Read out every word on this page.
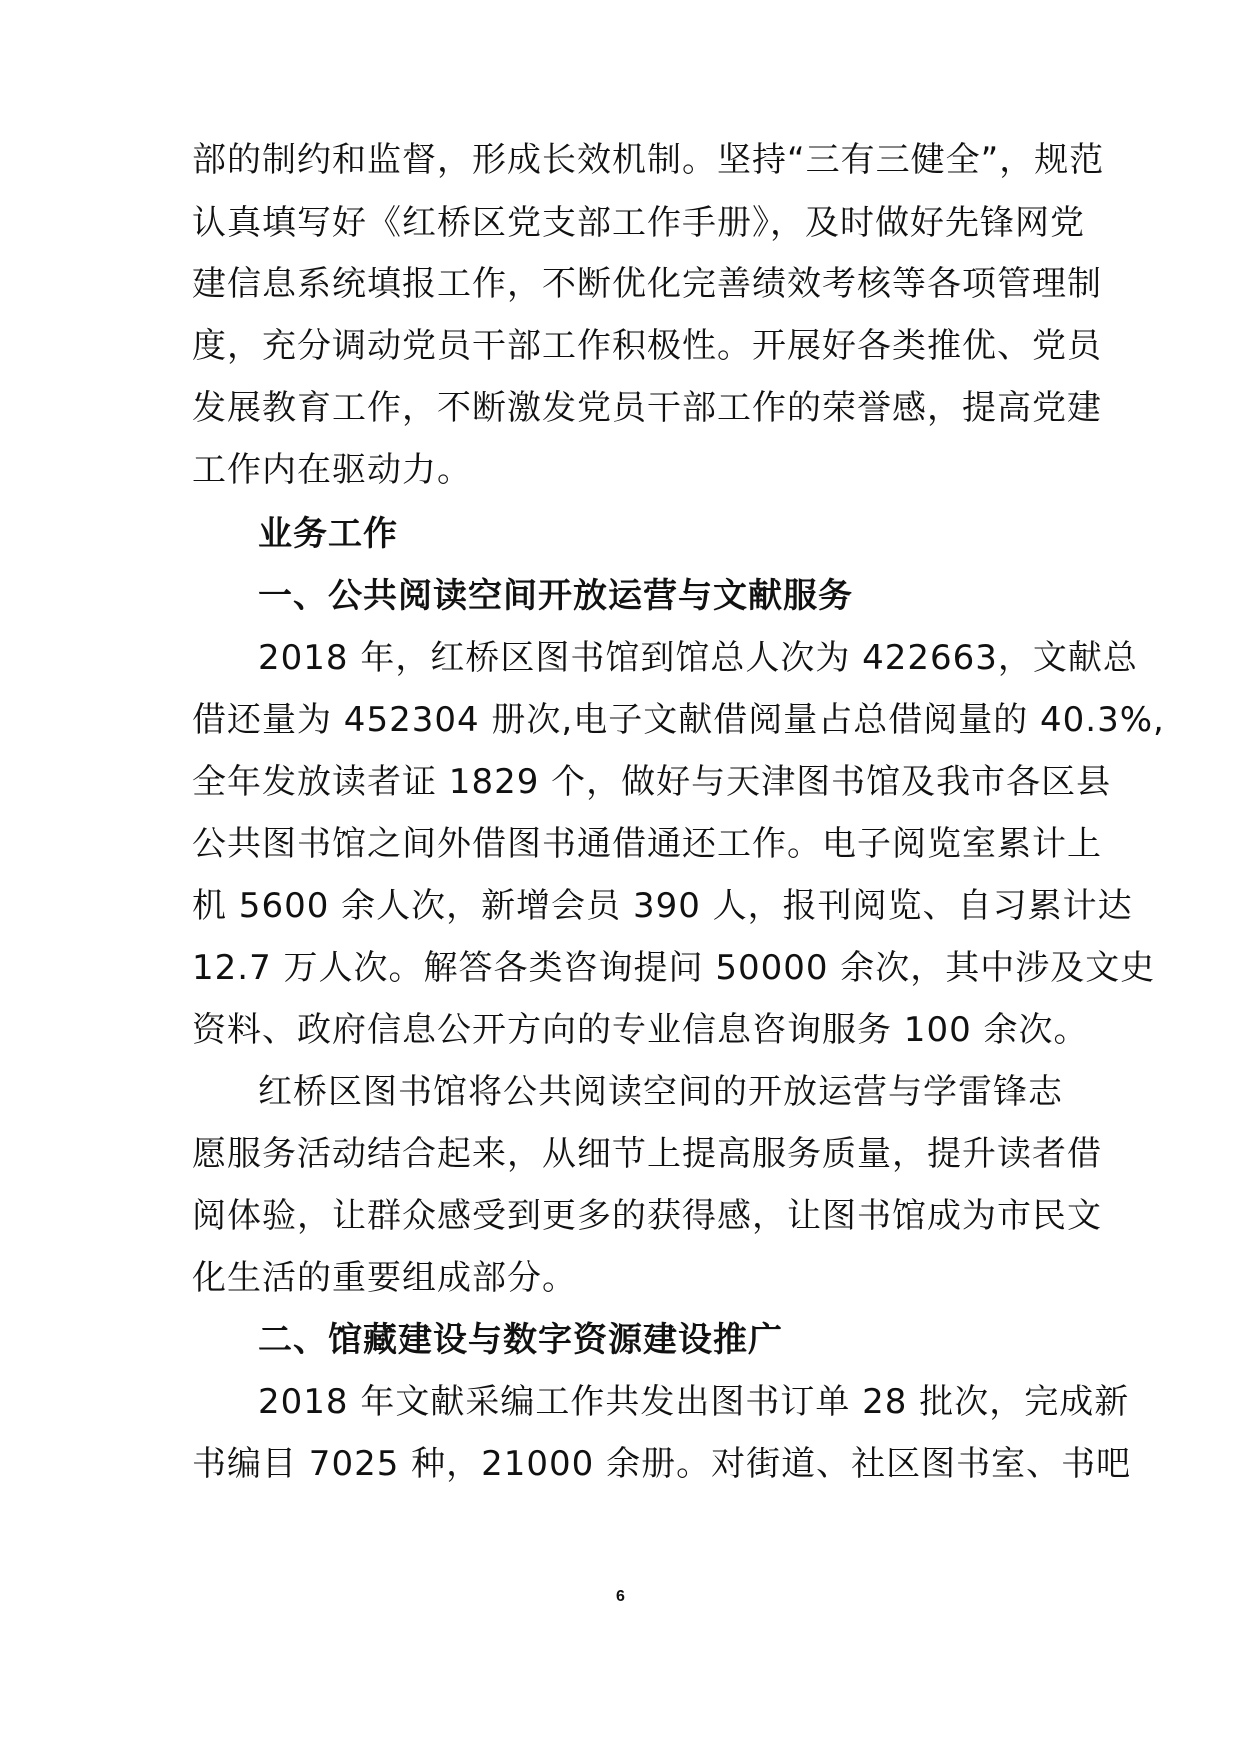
部的制约和监督，形成长效机制。坚持“三有三健全”，规范
认真填写好《红桥区党支部工作手册》，及时做好先锋网党
建信息系统填报工作，不断优化完善绩效考核等各项管理制
度，充分调动党员干部工作积极性。开展好各类推优、党员
发展教育工作，不断激发党员干部工作的荣誉感，提高党建
工作内在驱动力。
业务工作
一、公共阅读空间开放运营与文献服务
2018 年，红桥区图书馆到馆总人次为 422663，文献总
借还量为 452304 册次,电子文献借阅量占总借阅量的 40.3%,
全年发放读者证 1829 个，做好与天津图书馆及我市各区县
公共图书馆之间外借图书通借通还工作。电子阅览室累计上
机 5600 余人次，新增会员 390 人，报刊阅览、自习累计达
12.7 万人次。解答各类咨询提问 50000 余次，其中涉及文史
资料、政府信息公开方向的专业信息咨询服务 100 余次。
红桥区图书馆将公共阅读空间的开放运营与学雷锋志
愿服务活动结合起来，从细节上提高服务质量，提升读者借
阅体验，让群众感受到更多的获得感，让图书馆成为市民文
化生活的重要组成部分。
二、馆藏建设与数字资源建设推广
2018 年文献采编工作共发出图书订单 28 批次，完成新
书编目 7025 种，21000 余册。对街道、社区图书室、书吧
6
